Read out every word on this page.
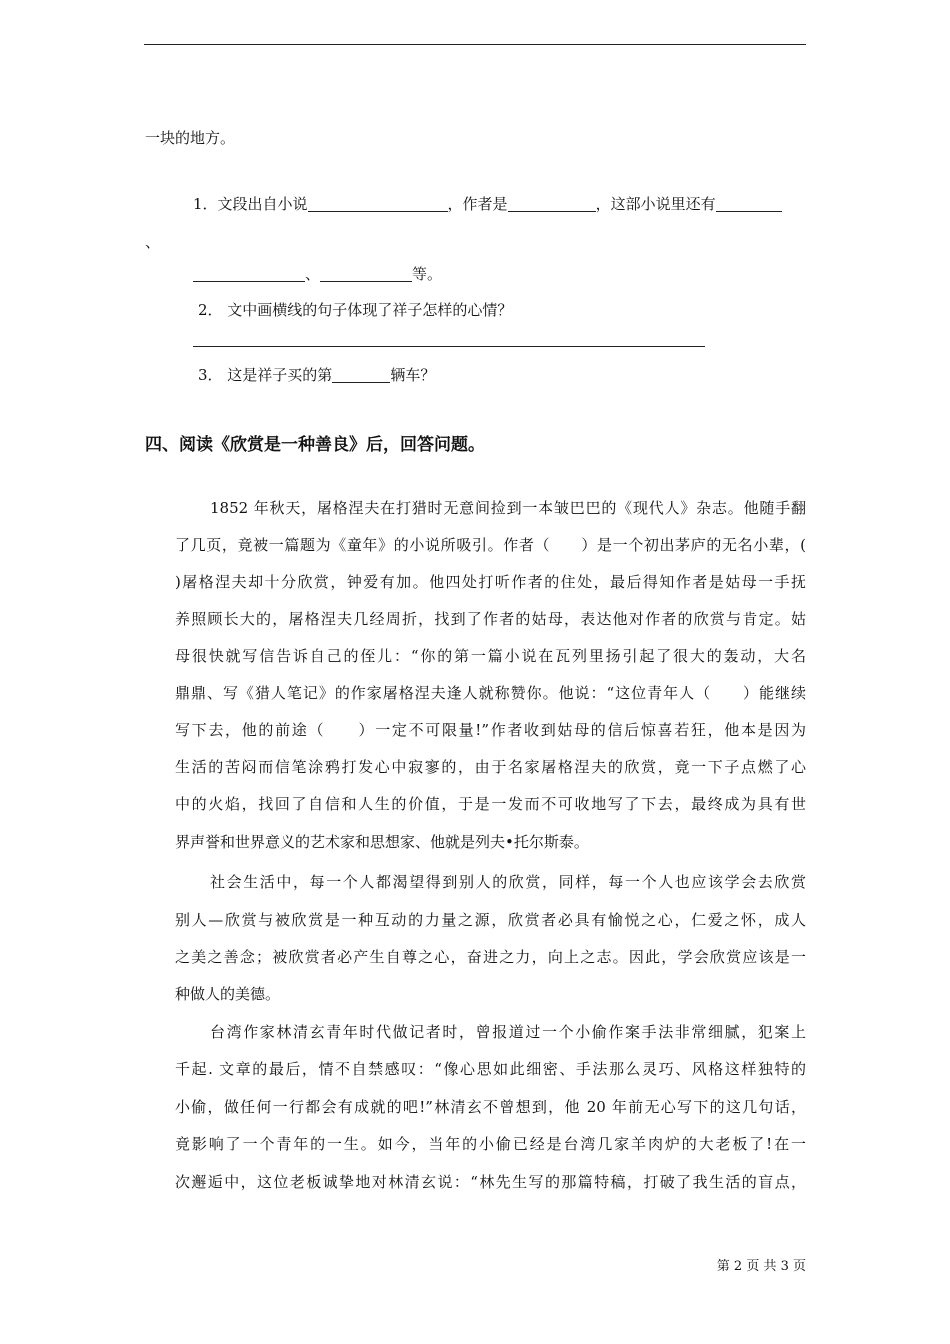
一块的地方。
1．文段出自小说	，作者是	，这部小说里还有
、
、	等。
2． 文中画横线的句子体现了祥子怎样的心情？
3． 这是祥子买的第	辆车？
四、阅读《欣赏是一种善良》后，回答问题。
1852 年秋天，屠格涅夫在打猎时无意间捡到一本皱巴巴的《现代人》杂志。他随手翻
了几页，竟被一篇题为《童年》的小说所吸引。作者（　　）是一个初出茅庐的无名小辈，(
)屠格涅夫却十分欣赏，钟爱有加。他四处打听作者的住处，最后得知作者是姑母一手抚
养照顾长大的，屠格涅夫几经周折，找到了作者的姑母，表达他对作者的欣赏与肯定。姑
母很快就写信告诉自己的侄儿：“你的第一篇小说在瓦列里扬引起了很大的轰动，大名
鼎鼎、写《猎人笔记》的作家屠格涅夫逢人就称赞你。他说：“这位青年人（　　）能继续
写下去，他的前途（　　）一定不可限量!”作者收到姑母的信后惊喜若狂，他本是因为
生活的苦闷而信笔涂鸦打发心中寂寥的，由于名家屠格涅夫的欣赏，竟一下子点燃了心
中的火焰，找回了自信和人生的价值，于是一发而不可收地写了下去，最终成为具有世
界声誉和世界意义的艺术家和思想家、他就是列夫•托尔斯泰。
社会生活中，每一个人都渴望得到别人的欣赏，同样，每一个人也应该学会去欣赏
别人—欣赏与被欣赏是一种互动的力量之源，欣赏者必具有愉悦之心，仁爱之怀，成人
之美之善念；被欣赏者必产生自尊之心，奋进之力，向上之志。因此，学会欣赏应该是一
种做人的美德。
台湾作家林清玄青年时代做记者时，曾报道过一个小偷作案手法非常细腻，犯案上
千起. 文章的最后，情不自禁感叹：“像心思如此细密、手法那么灵巧、风格这样独特的
小偷，做任何一行都会有成就的吧!”林清玄不曾想到，他 20 年前无心写下的这几句话，
竟影响了一个青年的一生。如今，当年的小偷已经是台湾几家羊肉炉的大老板了!在一
次邂逅中，这位老板诚挚地对林清玄说：“林先生写的那篇特稿，打破了我生活的盲点，
第 2 页 共 3 页
